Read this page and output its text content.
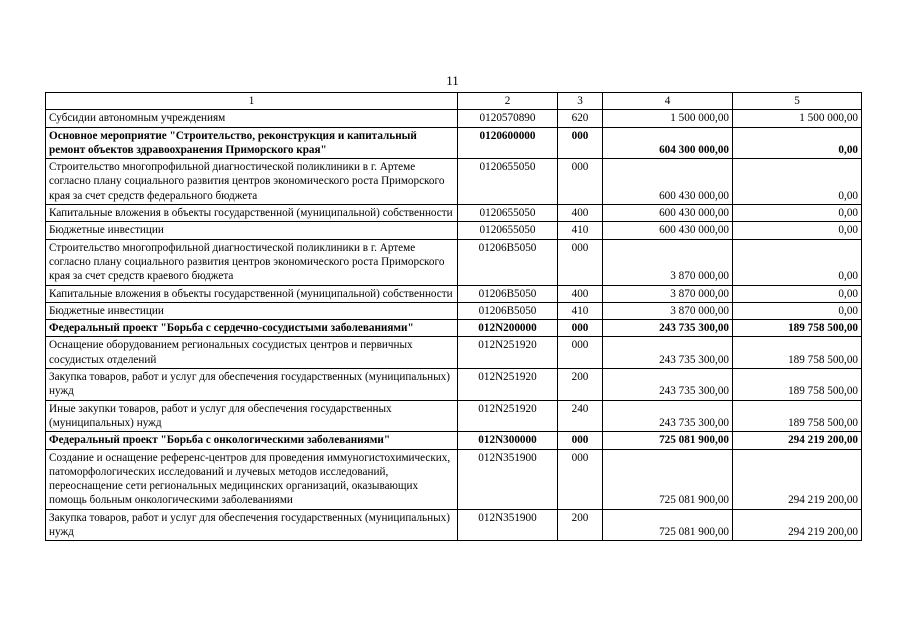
11
1	2	3	4	5
Субсидии автономным учреждениям	0120570890	620	1 500 000,00	1 500 000,00
Основное мероприятие "Строительство, реконструкция и капитальный ремонт объектов здравоохранения Приморского края"	0120600000	000	604 300 000,00	0,00
Строительство многопрофильной диагностической поликлиники в г. Артеме согласно плану социального развития центров экономического роста Приморского края за счет средств федерального бюджета	0120655050	000	600 430 000,00	0,00
Капитальные вложения в объекты государственной (муниципальной) собственности	0120655050	400	600 430 000,00	0,00
Бюджетные инвестиции	0120655050	410	600 430 000,00	0,00
Строительство многопрофильной диагностической поликлиники в г. Артеме согласно плану социального развития центров экономического роста Приморского края за счет средств краевого бюджета	01206В5050	000	3 870 000,00	0,00
Капитальные вложения в объекты государственной (муниципальной) собственности	01206В5050	400	3 870 000,00	0,00
Бюджетные инвестиции	01206В5050	410	3 870 000,00	0,00
Федеральный проект "Борьба с сердечно-сосудистыми заболеваниями"	012N200000	000	243 735 300,00	189 758 500,00
Оснащение оборудованием региональных сосудистых центров и первичных сосудистых отделений	012N251920	000	243 735 300,00	189 758 500,00
Закупка товаров, работ и услуг для обеспечения государственных (муниципальных) нужд	012N251920	200	243 735 300,00	189 758 500,00
Иные закупки товаров, работ и услуг для обеспечения государственных (муниципальных) нужд	012N251920	240	243 735 300,00	189 758 500,00
Федеральный проект "Борьба с онкологическими заболеваниями"	012N300000	000	725 081 900,00	294 219 200,00
Создание и оснащение референс-центров для проведения иммуногистохимических, патоморфологических исследований и лучевых методов исследований, переоснащение сети региональных медицинских организаций, оказывающих помощь больным онкологическими заболеваниями	012N351900	000	725 081 900,00	294 219 200,00
Закупка товаров, работ и услуг для обеспечения государственных (муниципальных) нужд	012N351900	200	725 081 900,00	294 219 200,00
